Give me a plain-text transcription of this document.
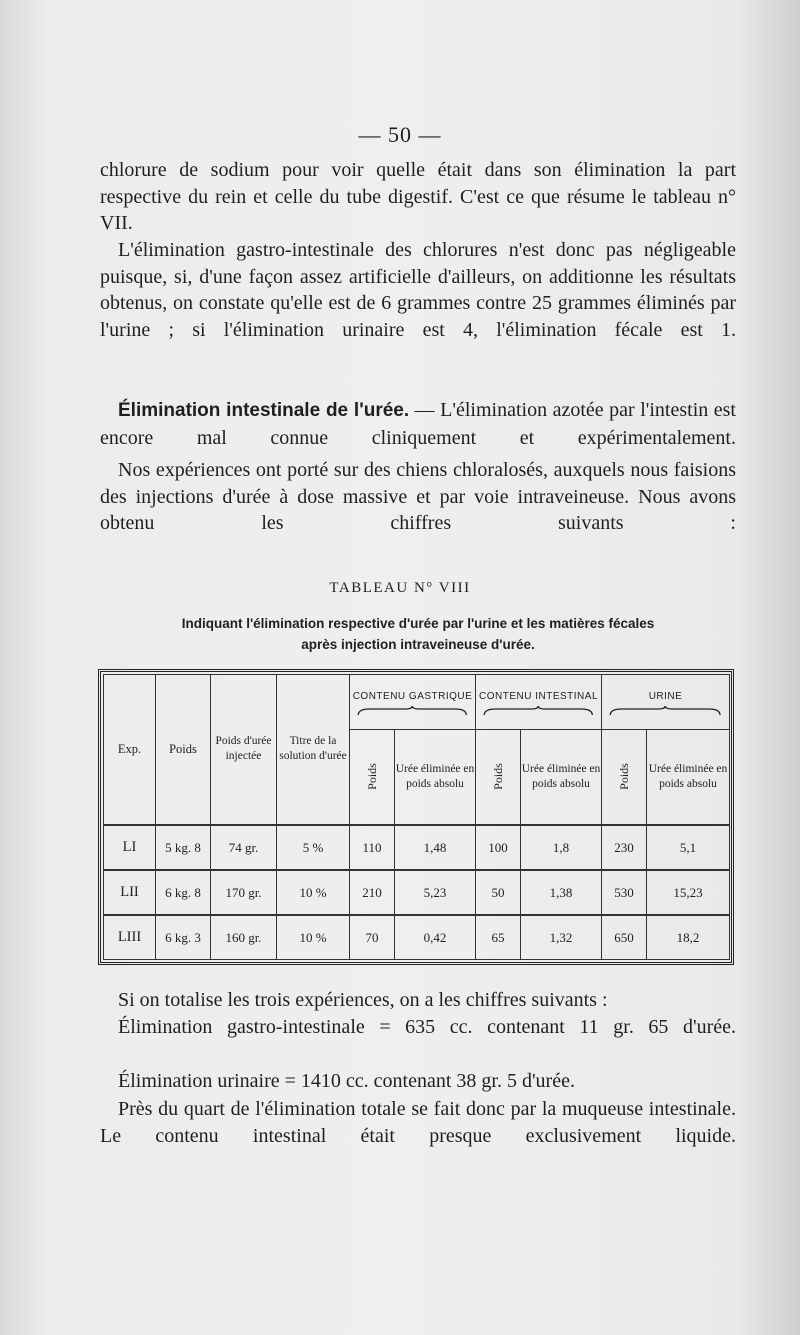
— 50 —
chlorure de sodium pour voir quelle était dans son élimination la part respective du rein et celle du tube digestif. C'est ce que résume le tableau n° VII.
L'élimination gastro-intestinale des chlorures n'est donc pas négligeable puisque, si, d'une façon assez artificielle d'ailleurs, on additionne les résultats obtenus, on constate qu'elle est de 6 grammes contre 25 grammes éliminés par l'urine ; si l'élimination urinaire est 4, l'élimination fécale est 1.
Élimination intestinale de l'urée. — L'élimination azotée par l'intestin est encore mal connue cliniquement et expérimentalement.
Nos expériences ont porté sur des chiens chloralosés, auxquels nous faisions des injections d'urée à dose massive et par voie intraveineuse. Nous avons obtenu les chiffres suivants :
TABLEAU N° VIII
Indiquant l'élimination respective d'urée par l'urine et les matières fécales
après injection intraveineuse d'urée.
Exp.	Poids	Poids d'urée injectée	Titre de la solution d'urée	CONTENU GASTRIQUE		CONTENU INTESTINAL		URINE	

				Poids	Urée éliminée en poids absolu	Poids	Urée éliminée en poids absolu	Poids	Urée éliminée en poids absolu
LI	5 kg. 8	74 gr.	5 %	110	1,48	100	1,8	230	5,1
LII	6 kg. 8	170 gr.	10 %	210	5,23	50	1,38	530	15,23
LIII	6 kg. 3	160 gr.	10 %	70	0,42	65	1,32	650	18,2
Si on totalise les trois expériences, on a les chiffres suivants :
Élimination gastro-intestinale = 635 cc. contenant 11 gr. 65 d'urée.
Élimination urinaire = 1410 cc. contenant 38 gr. 5 d'urée.
Près du quart de l'élimination totale se fait donc par la muqueuse intestinale. Le contenu intestinal était presque exclusivement liquide.
